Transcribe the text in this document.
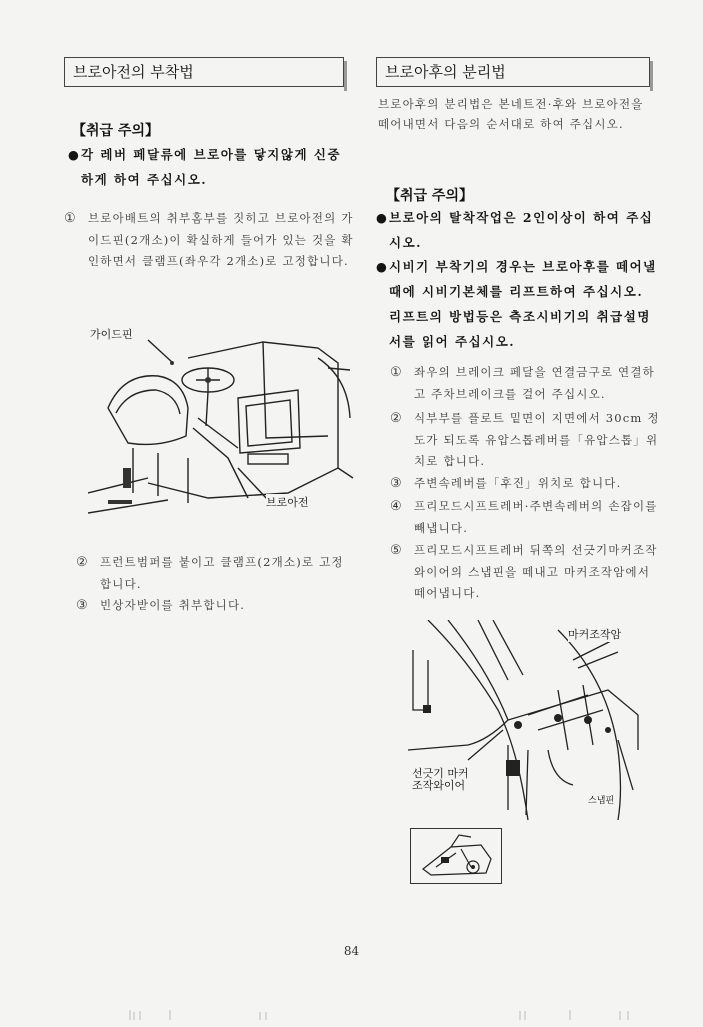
브로아전의 부착법
【취급 주의】
● 각 레버 페달류에 브로아를 닿지않게 신중하게 하여 주십시오.
① 브로아배트의 취부홈부를 짓히고 브로아전의 가이드핀(2개소)이 확실하게 들어가 있는 것을 확인하면서 클램프(좌우각 2개소)로 고정합니다.
② 프런트범퍼를 붙이고 클램프(2개소)로 고정합니다.
③ 빈상자받이를 취부합니다.
가이드핀
브로아전
브로아후의 분리법
브로아후의 분리법은 본네트전·후와 브로아전을 떼어내면서 다음의 순서대로 하여 주십시오.
【취급 주의】
● 브로아의 탈착작업은 2인이상이 하여 주십시오.
● 시비기 부착기의 경우는 브로아후를 떼어낼때에 시비기본체를 리프트하여 주십시오. 리프트의 방법등은 측조시비기의 취급설명서를 읽어 주십시오.
① 좌우의 브레이크 페달을 연결금구로 연결하고 주차브레이크를 걸어 주십시오.
② 식부부를 플로트 밑면이 지면에서 30cm 정도가 되도록 유압스톱레버를「유압스톱」위치로 합니다.
③ 주변속레버를「후진」위치로 합니다.
④ 프리모드시프트레버·주변속레버의 손잡이를 빼냅니다.
⑤ 프리모드시프트레버 뒤쪽의 선긋기마커조작 와이어의 스냅핀을 떼내고 마커조작암에서 떼어냅니다.
마커조작암
선긋기 마커
조작와이어
스냅핀
84
